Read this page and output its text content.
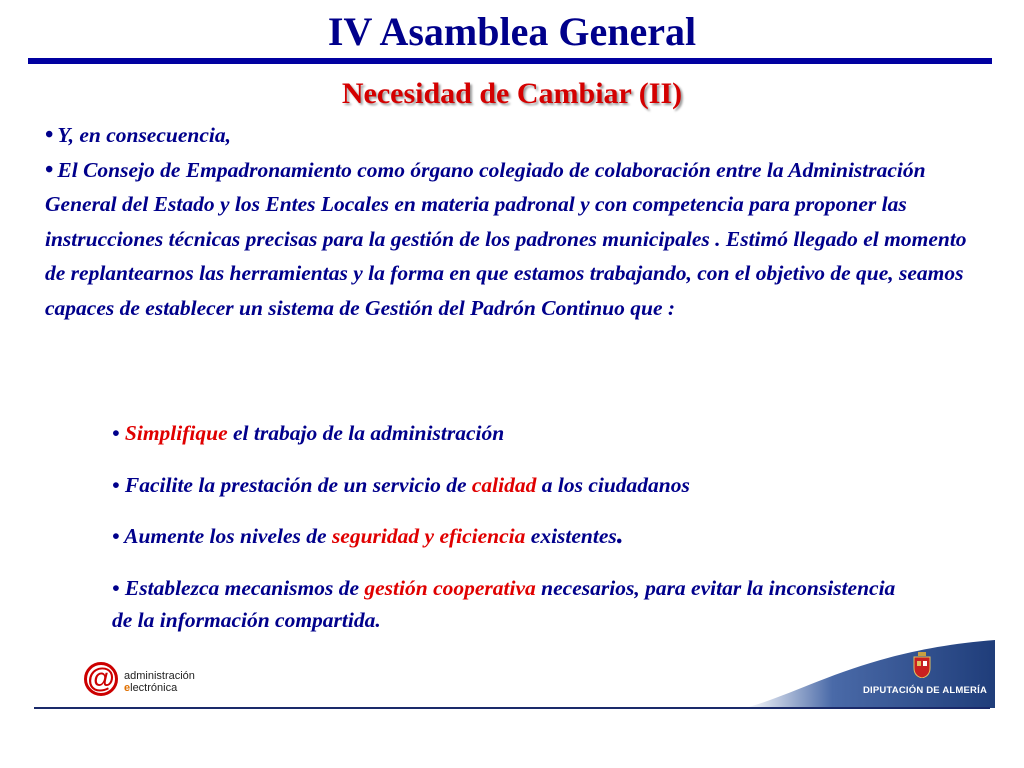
IV Asamblea General
Necesidad de Cambiar (II)

• Y, en consecuencia,

• El Consejo de Empadronamiento como órgano colegiado de colaboración entre la Administración General del Estado y los Entes Locales en materia padronal y con competencia para proponer las instrucciones técnicas precisas para la gestión de los padrones municipales . Estimó llegado el momento de replantearnos las herramientas y la forma en que estamos trabajando, con el objetivo de que, seamos capaces de establecer un sistema de Gestión del Padrón Continuo que :

• Simplifique el trabajo de la administración
• Facilite la prestación de un servicio de calidad a los ciudadanos
• Aumente los niveles de seguridad y eficiencia existentes.
• Establezca mecanismos de gestión cooperativa necesarios, para evitar la inconsistencia de la información compartida.
@ administración
electrónica	DIPUTACIÓN DE ALMERÍA
